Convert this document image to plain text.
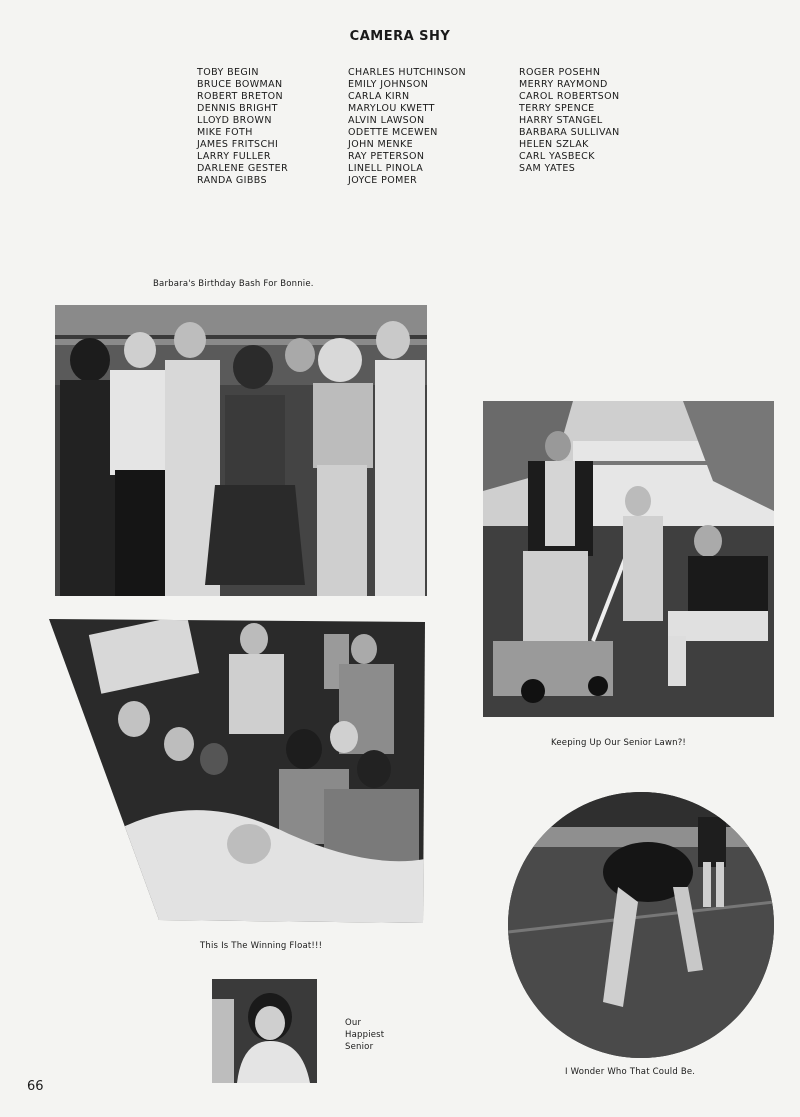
CAMERA SHY
TOBY BEGIN
BRUCE BOWMAN
ROBERT BRETON
DENNIS BRIGHT
LLOYD BROWN
MIKE FOTH
JAMES FRITSCHI
LARRY FULLER
DARLENE GESTER
RANDA GIBBS
CHARLES HUTCHINSON
EMILY JOHNSON
CARLA KIRN
MARYLOU KWETT
ALVIN LAWSON
ODETTE MCEWEN
JOHN MENKE
RAY PETERSON
LINELL PINOLA
JOYCE POMER
ROGER POSEHN
MERRY RAYMOND
CAROL ROBERTSON
TERRY SPENCE
HARRY STANGEL
BARBARA SULLIVAN
HELEN SZLAK
CARL YASBECK
SAM YATES
Barbara's Birthday Bash For Bonnie.
Keeping Up Our Senior Lawn?!
This Is The Winning Float!!!
Our
Happiest
Senior
I Wonder Who That Could Be.
66
